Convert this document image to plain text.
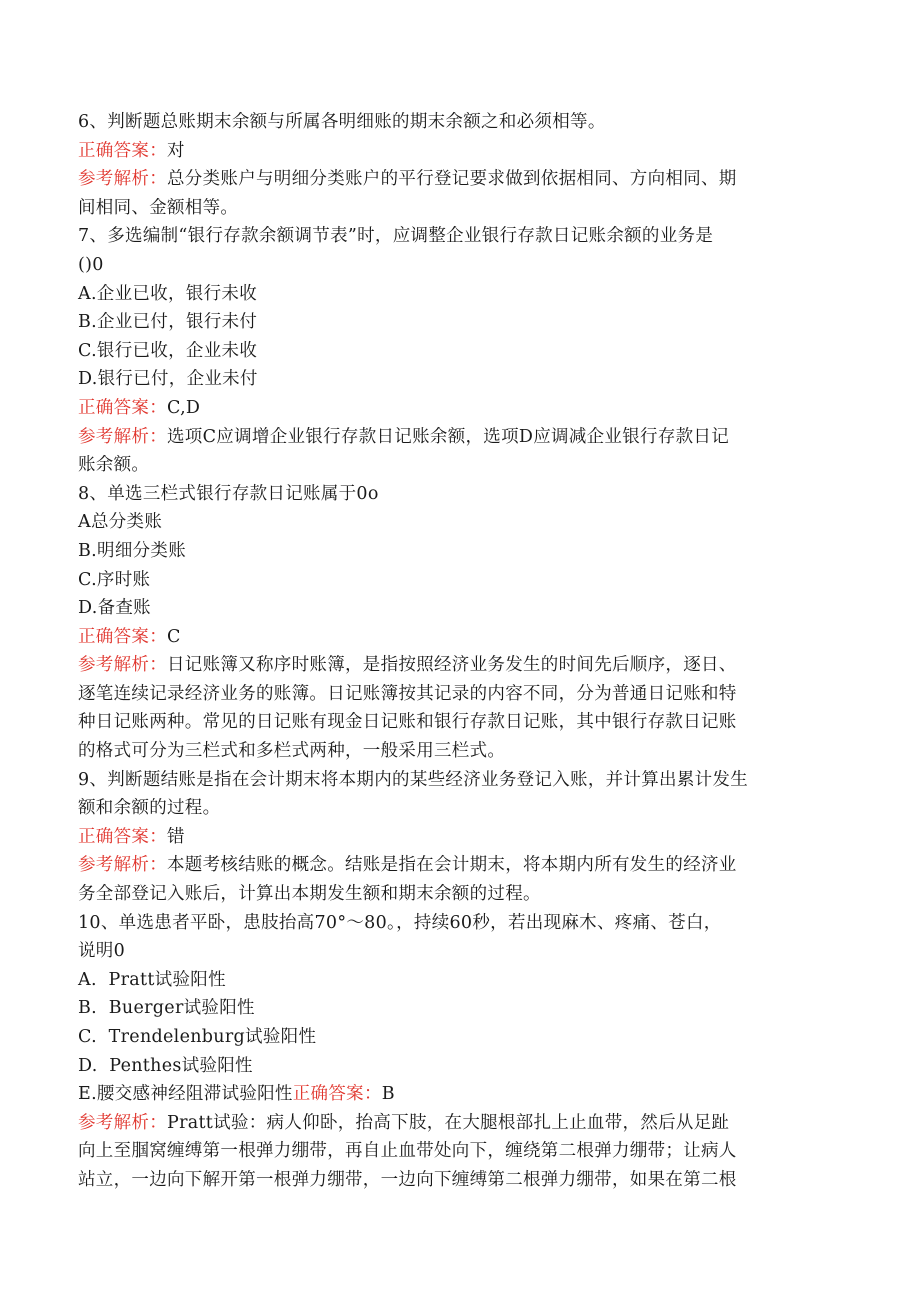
6、判断题总账期末余额与所属各明细账的期末余额之和必须相等。
正确答案：对
参考解析：总分类账户与明细分类账户的平行登记要求做到依据相同、方向相同、期
间相同、金额相等。
7、多选编制“银行存款余额调节表”时，应调整企业银行存款日记账余额的业务是
()0
A.企业已收，银行未收
B.企业已付，银行未付
C.银行已收，企业未收
D.银行已付，企业未付
正确答案：C,D
参考解析：选项C应调增企业银行存款日记账余额，选项D应调减企业银行存款日记
账余额。
8、单选三栏式银行存款日记账属于0o
A总分类账
B.明细分类账
C.序时账
D.备查账
正确答案：C
参考解析：日记账簿又称序时账簿，是指按照经济业务发生的时间先后顺序，逐日、
逐笔连续记录经济业务的账簿。日记账簿按其记录的内容不同，分为普通日记账和特
种日记账两种。常见的日记账有现金日记账和银行存款日记账，其中银行存款日记账
的格式可分为三栏式和多栏式两种，一般采用三栏式。
9、判断题结账是指在会计期末将本期内的某些经济业务登记入账，并计算出累计发生
额和余额的过程。
正确答案：错
参考解析：本题考核结账的概念。结账是指在会计期末，将本期内所有发生的经济业
务全部登记入账后，计算出本期发生额和期末余额的过程。
10、单选患者平卧，患肢抬高70°～80。，持续60秒，若出现麻木、疼痛、苍白，
说明0
A.  Pratt试验阳性
B.  Buerger试验阳性
C.  Trendelenburg试验阳性
D.  Penthes试验阳性
E.腰交感神经阻滞试验阳性正确答案：B
参考解析：Pratt试验：病人仰卧，抬高下肢，在大腿根部扎上止血带，然后从足趾
向上至腘窝缠缚第一根弹力绷带，再自止血带处向下，缠绕第二根弹力绷带；让病人
站立，一边向下解开第一根弹力绷带，一边向下缠缚第二根弹力绷带，如果在第二根
